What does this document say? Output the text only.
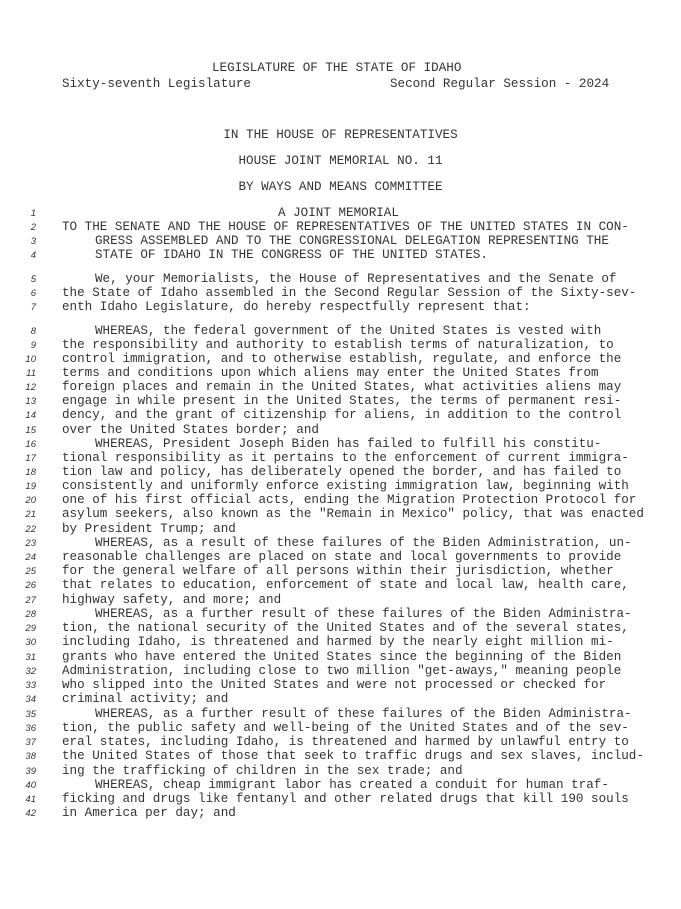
LEGISLATURE OF THE STATE OF IDAHO
Sixty-seventh Legislature	Second Regular Session - 2024
IN THE HOUSE OF REPRESENTATIVES
HOUSE JOINT MEMORIAL NO. 11
BY WAYS AND MEANS COMMITTEE
1	A JOINT MEMORIAL
2 TO THE SENATE AND THE HOUSE OF REPRESENTATIVES OF THE UNITED STATES IN CON-
3	GRESS ASSEMBLED AND TO THE CONGRESSIONAL DELEGATION REPRESENTING THE
4	STATE OF IDAHO IN THE CONGRESS OF THE UNITED STATES.
5	We, your Memorialists, the House of Representatives and the Senate of
6 the State of Idaho assembled in the Second Regular Session of the Sixty-sev-
7 enth Idaho Legislature, do hereby respectfully represent that:
8	WHEREAS, the federal government of the United States is vested with
9 the responsibility and authority to establish terms of naturalization, to
10 control immigration, and to otherwise establish, regulate, and enforce the
11 terms and conditions upon which aliens may enter the United States from
12 foreign places and remain in the United States, what activities aliens may
13 engage in while present in the United States, the terms of permanent resi-
14 dency, and the grant of citizenship for aliens, in addition to the control
15 over the United States border; and
16	WHEREAS, President Joseph Biden has failed to fulfill his constitu-
17 tional responsibility as it pertains to the enforcement of current immigra-
18 tion law and policy, has deliberately opened the border, and has failed to
19 consistently and uniformly enforce existing immigration law, beginning with
20 one of his first official acts, ending the Migration Protection Protocol for
21 asylum seekers, also known as the "Remain in Mexico" policy, that was enacted
22 by President Trump; and
23	WHEREAS, as a result of these failures of the Biden Administration, un-
24 reasonable challenges are placed on state and local governments to provide
25 for the general welfare of all persons within their jurisdiction, whether
26 that relates to education, enforcement of state and local law, health care,
27 highway safety, and more; and
28	WHEREAS, as a further result of these failures of the Biden Administra-
29 tion, the national security of the United States and of the several states,
30 including Idaho, is threatened and harmed by the nearly eight million mi-
31 grants who have entered the United States since the beginning of the Biden
32 Administration, including close to two million "get-aways," meaning people
33 who slipped into the United States and were not processed or checked for
34 criminal activity; and
35	WHEREAS, as a further result of these failures of the Biden Administra-
36 tion, the public safety and well-being of the United States and of the sev-
37 eral states, including Idaho, is threatened and harmed by unlawful entry to
38 the United States of those that seek to traffic drugs and sex slaves, includ-
39 ing the trafficking of children in the sex trade; and
40	WHEREAS, cheap immigrant labor has created a conduit for human traf-
41 ficking and drugs like fentanyl and other related drugs that kill 190 souls
42 in America per day; and
